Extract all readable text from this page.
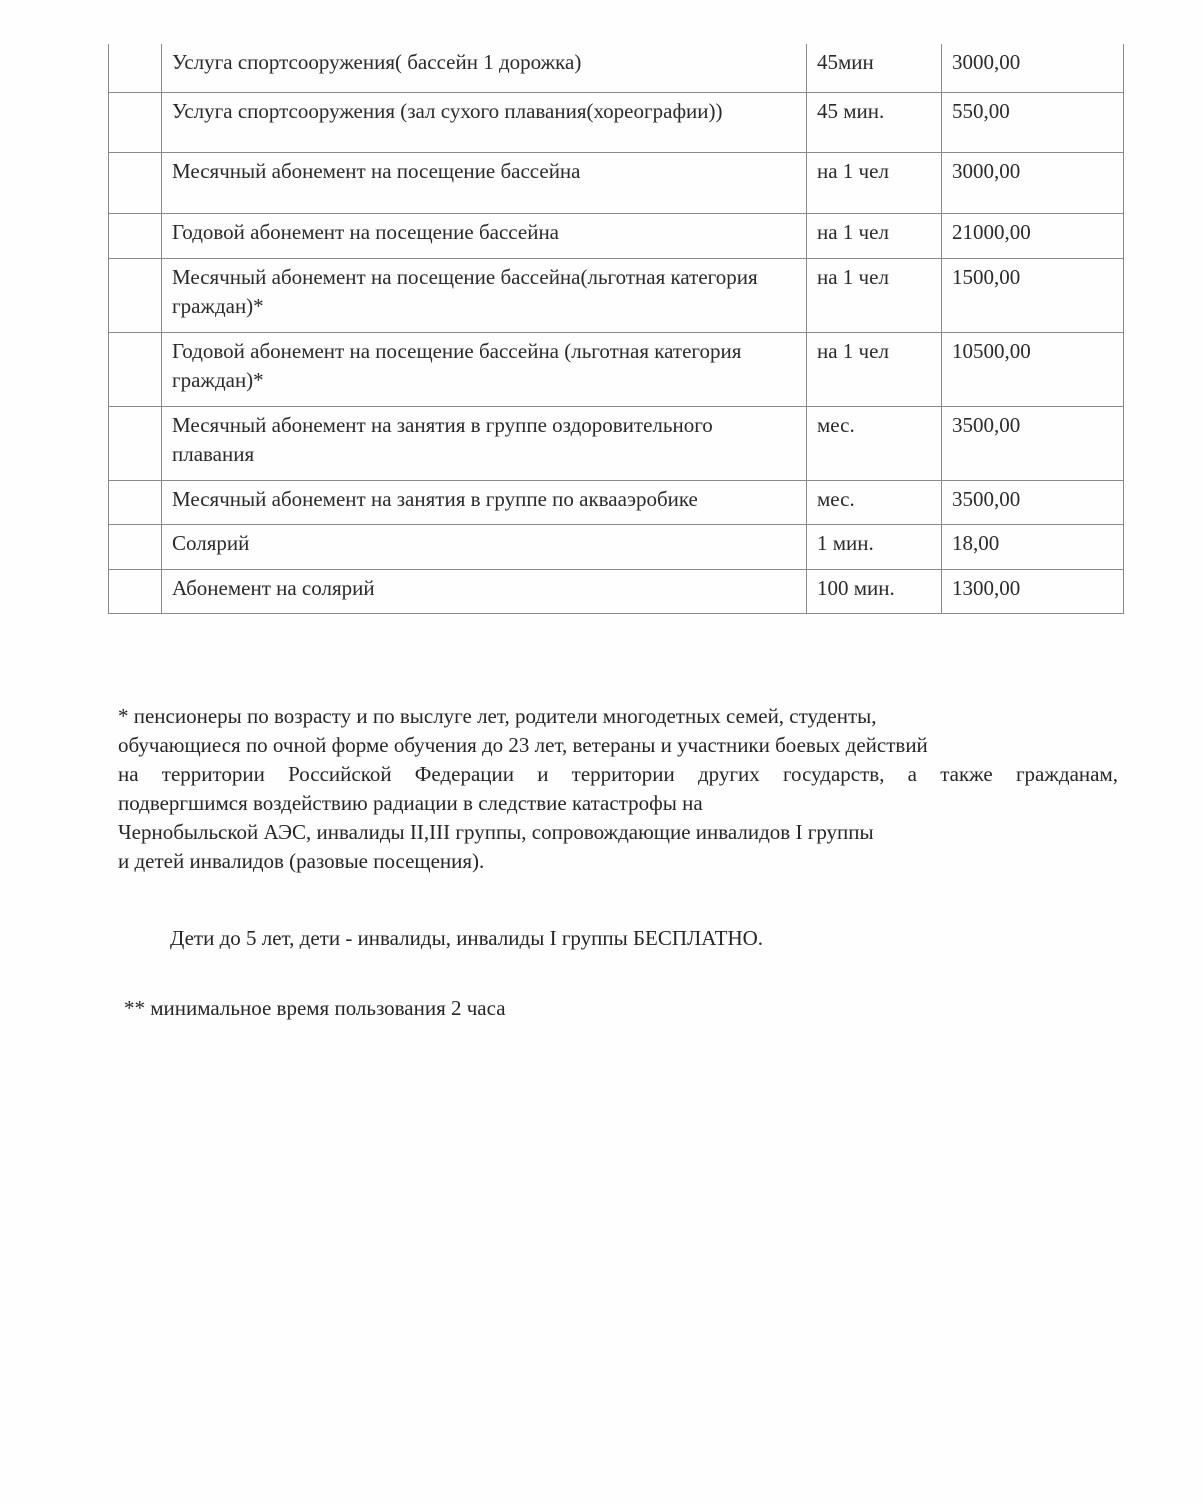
	Услуга спортсооружения( бассейн 1 дорожка)	45мин	3000,00
	Услуга спортсооружения (зал сухого плавания(хореографии))	45 мин.	550,00
	Месячный абонемент на посещение бассейна	на 1 чел	3000,00
	Годовой абонемент на посещение бассейна	на 1 чел	21000,00
	Месячный абонемент на посещение бассейна(льготная категория граждан)*	на 1 чел	1500,00
	Годовой абонемент на посещение бассейна (льготная категория граждан)*	на 1 чел	10500,00
	Месячный абонемент на занятия в группе оздоровительного плавания	мес.	3500,00
	Месячный абонемент на занятия в группе по аквааэробике	мес.	3500,00
	Солярий	1 мин.	18,00
	Абонемент на солярий	100 мин.	1300,00
* пенсионеры по возрасту и по выслуге лет, родители многодетных семей, студенты,
обучающиеся по очной форме обучения до 23 лет, ветераны и участники боевых действий
на территории Российской Федерации и территории других государств, а также гражданам,
подвергшимся воздействию радиации в следствие катастрофы на
Чернобыльской АЭС, инвалиды II,III группы, сопровождающие инвалидов I группы
и детей инвалидов (разовые посещения).
Дети до 5 лет, дети - инвалиды, инвалиды I группы БЕСПЛАТНО.
** минимальное время пользования 2 часа
